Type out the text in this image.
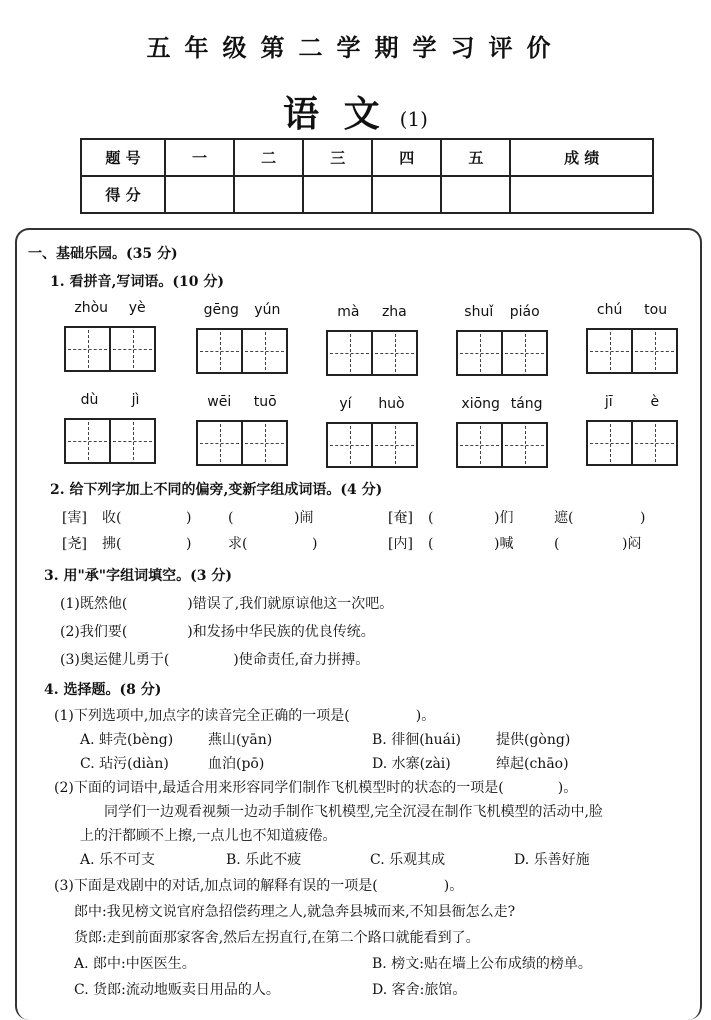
五年级第二学期学习评价
语 文 (1)
题 号	一	二	三	四	五	成 绩
得 分						
一、基础乐园。(35 分)
1. 看拼音,写词语。(10 分)
zhòu yè	gēng yún	mà zha	shuǐ piáo	chú tou
dù jì	wēi tuō	yí huò	xiōng táng	jī	è
2. 给下列字加上不同的偏旁,变新字组成词语。(4 分)
[害] 收(	)	(	)闹	[奄] (	)们	遮(	)
[尧] 拂(	)	求(	)	[内] (	)喊	(	)闷
3. 用"承"字组词填空。(3 分)
(1)既然他(	)错误了,我们就原谅他这一次吧。
(2)我们要(	)和发扬中华民族的优良传统。
(3)奥运健儿勇于(	)使命责任,奋力拼搏。
4. 选择题。(8 分)
(1)下列选项中,加点字的读音完全正确的一项是(	)。
A. 蚌壳(bèng) 燕山(yān)	B. 徘徊(huái)	提供(gòng)
C. 玷污(diàn)	血泊(pō)	D. 水寨(zài)	绰起(chāo)
(2)下面的词语中,最适合用来形容同学们制作飞机模型时的状态的一项是(	)。
同学们一边观看视频一边动手制作飞机模型,完全沉浸在制作飞机模型的活动中,脸
上的汗都顾不上擦,一点儿也不知道疲倦。
A. 乐不可支	B. 乐此不疲	C. 乐观其成	D. 乐善好施
(3)下面是戏剧中的对话,加点词的解释有误的一项是(	)。
郎中:我见榜文说官府急招偿药理之人,就急奔县城而来,不知县衙怎么走?
货郎:走到前面那家客舍,然后左拐直行,在第二个路口就能看到了。
A. 郎中:中医医生。	B. 榜文:贴在墙上公布成绩的榜单。
C. 货郎:流动地贩卖日用品的人。	D. 客舍:旅馆。
